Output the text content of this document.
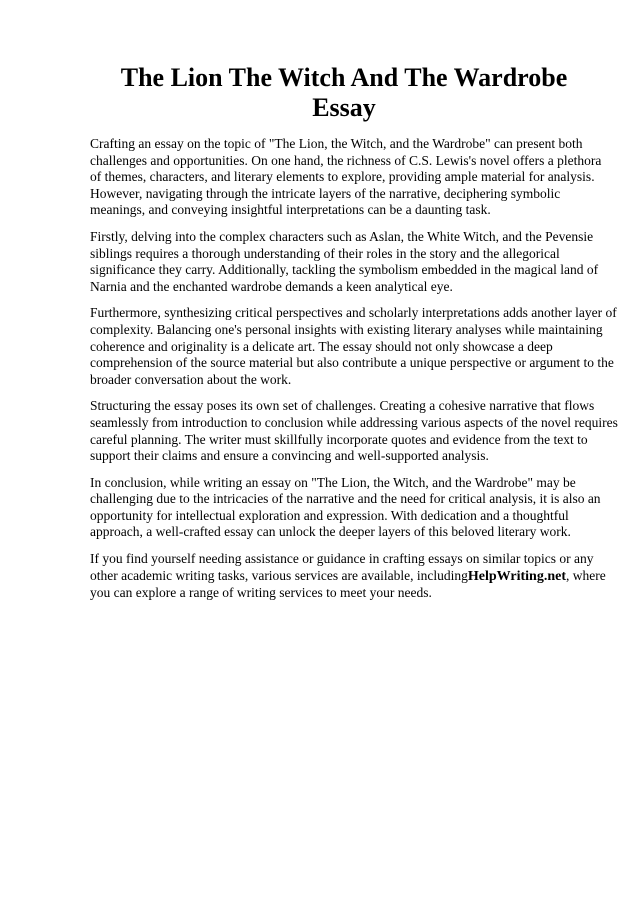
The Lion The Witch And The Wardrobe
Essay

Crafting an essay on the topic of "The Lion, the Witch, and the Wardrobe" can present both
challenges and opportunities. On one hand, the richness of C.S. Lewis's novel offers a plethora
of themes, characters, and literary elements to explore, providing ample material for analysis.
However, navigating through the intricate layers of the narrative, deciphering symbolic
meanings, and conveying insightful interpretations can be a daunting task.

Firstly, delving into the complex characters such as Aslan, the White Witch, and the Pevensie
siblings requires a thorough understanding of their roles in the story and the allegorical
significance they carry. Additionally, tackling the symbolism embedded in the magical land of
Narnia and the enchanted wardrobe demands a keen analytical eye.

Furthermore, synthesizing critical perspectives and scholarly interpretations adds another layer of
complexity. Balancing one's personal insights with existing literary analyses while maintaining
coherence and originality is a delicate art. The essay should not only showcase a deep
comprehension of the source material but also contribute a unique perspective or argument to the
broader conversation about the work.

Structuring the essay poses its own set of challenges. Creating a cohesive narrative that flows
seamlessly from introduction to conclusion while addressing various aspects of the novel requires
careful planning. The writer must skillfully incorporate quotes and evidence from the text to
support their claims and ensure a convincing and well-supported analysis.

In conclusion, while writing an essay on "The Lion, the Witch, and the Wardrobe" may be
challenging due to the intricacies of the narrative and the need for critical analysis, it is also an
opportunity for intellectual exploration and expression. With dedication and a thoughtful
approach, a well-crafted essay can unlock the deeper layers of this beloved literary work.

If you find yourself needing assistance or guidance in crafting essays on similar topics or any
other academic writing tasks, various services are available, includingHelpWriting.net, where
you can explore a range of writing services to meet your needs.
